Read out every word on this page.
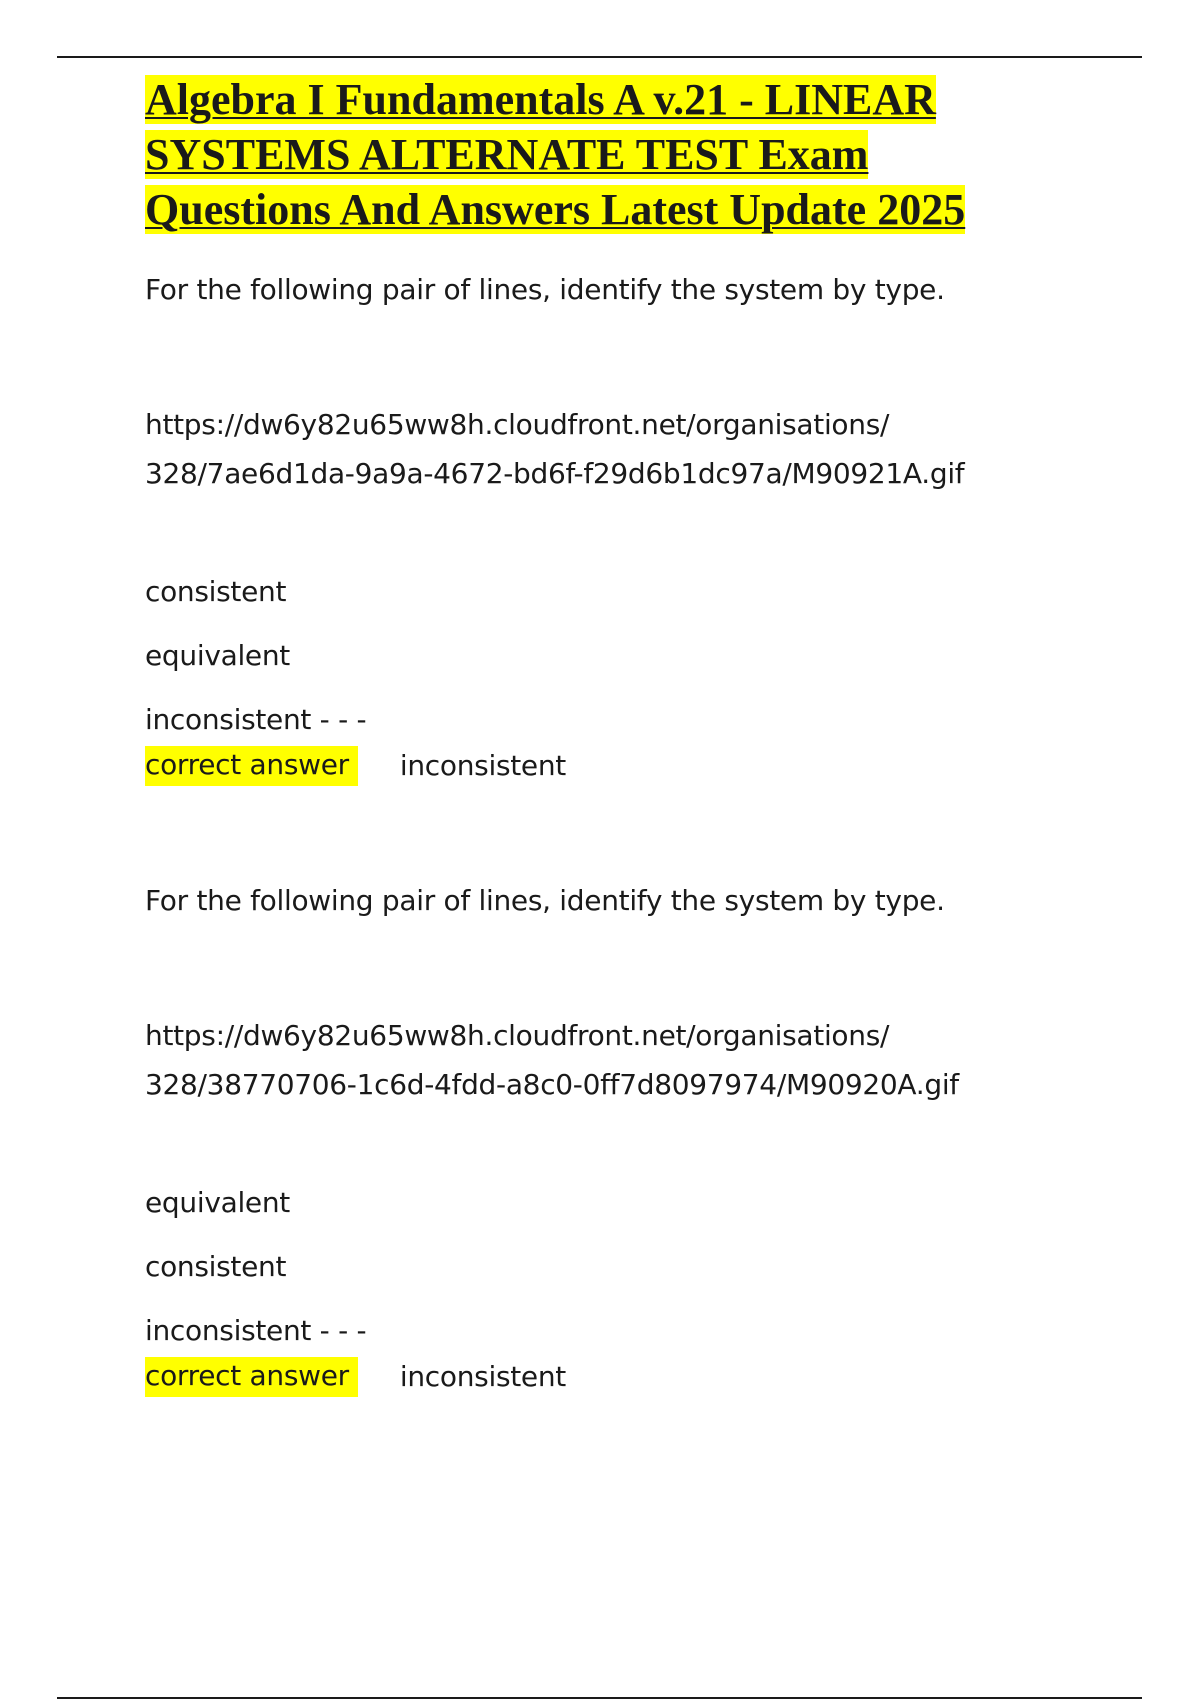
Algebra I Fundamentals A v.21 - LINEAR
SYSTEMS ALTERNATE TEST Exam
Questions And Answers Latest Update 2025
For the following pair of lines, identify the system by type.
https://dw6y82u65ww8h.cloudfront.net/organisations/
328/7ae6d1da-9a9a-4672-bd6f-f29d6b1dc97a/M90921A.gif
consistent
equivalent
inconsistent - - -
correct answer	inconsistent
For the following pair of lines, identify the system by type.
https://dw6y82u65ww8h.cloudfront.net/organisations/
328/38770706-1c6d-4fdd-a8c0-0ff7d8097974/M90920A.gif
equivalent
consistent
inconsistent - - -
correct answer	inconsistent
